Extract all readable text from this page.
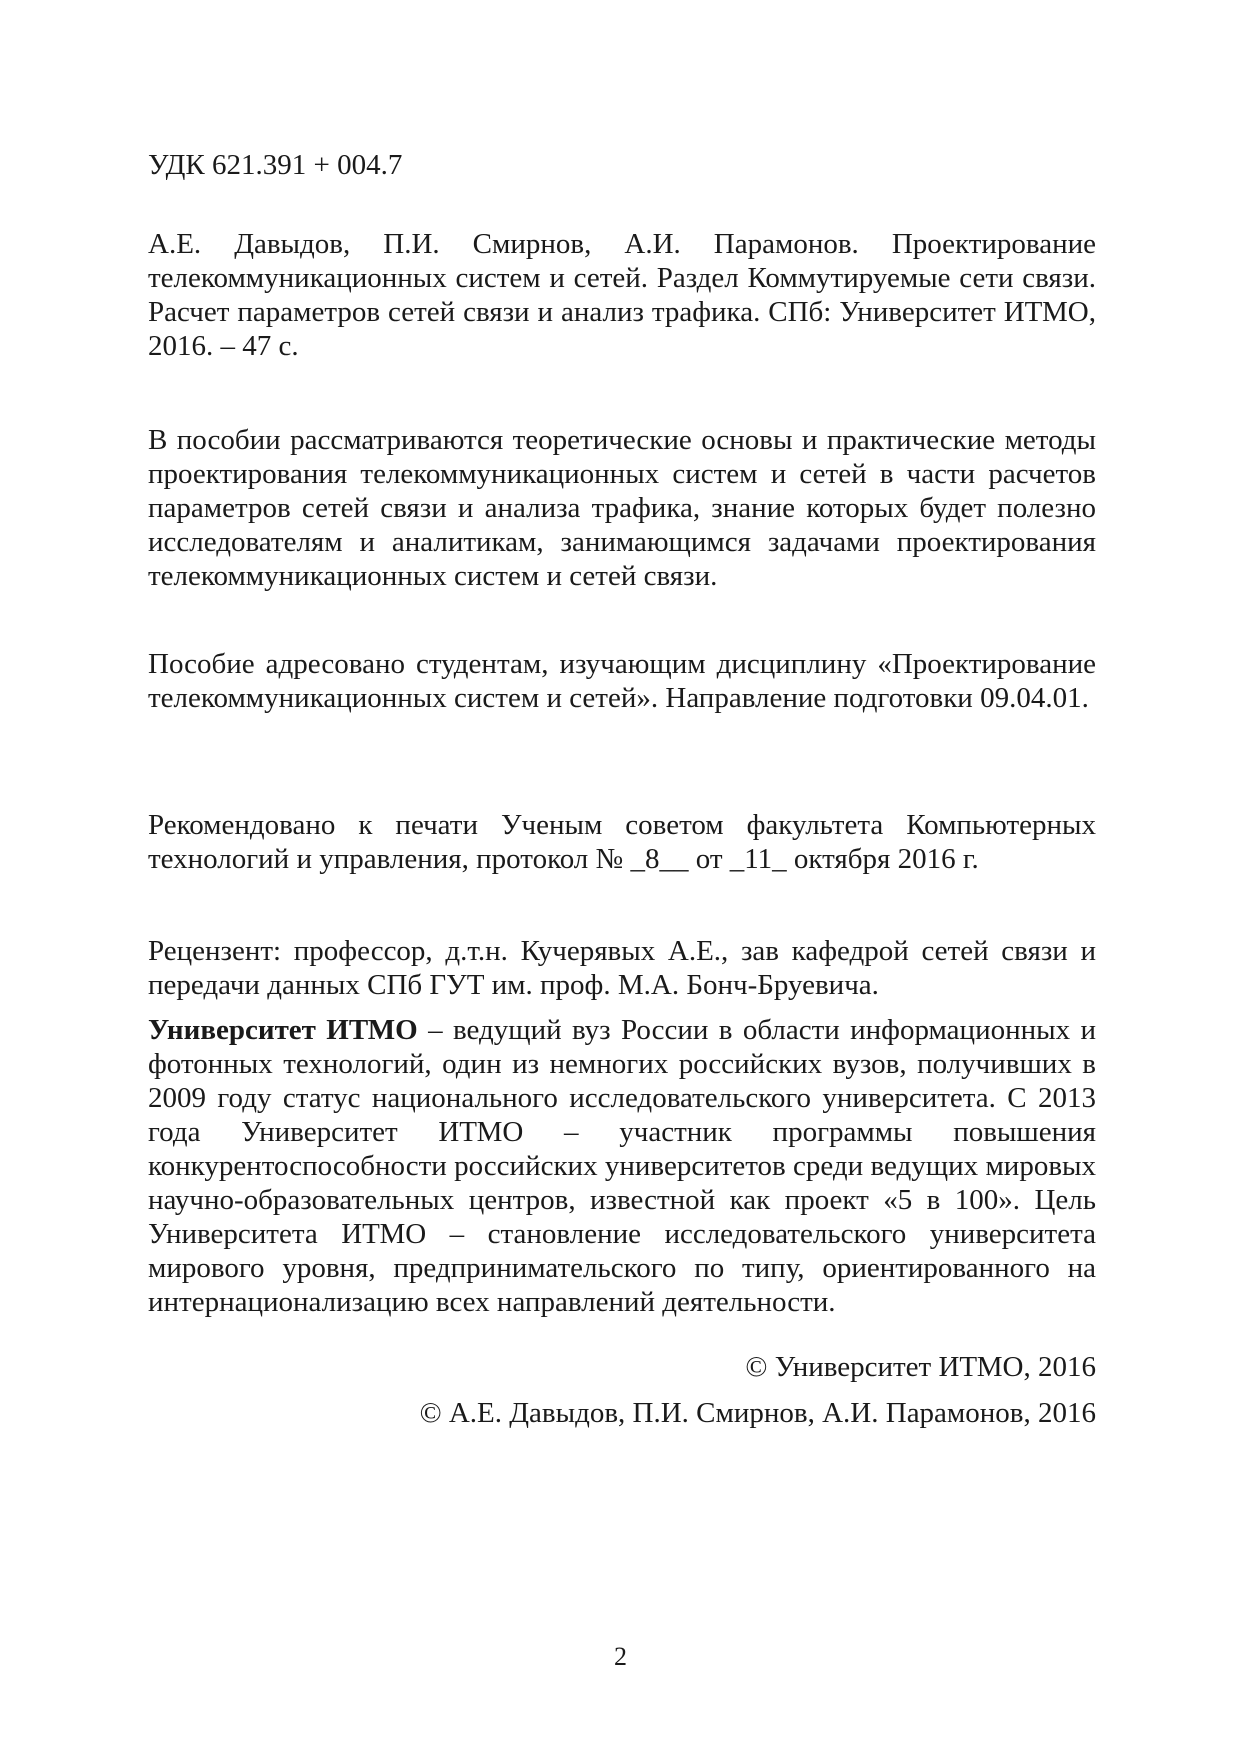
УДК 621.391 + 004.7

А.Е. Давыдов, П.И. Смирнов, А.И. Парамонов. Проектирование телекоммуникационных систем и сетей. Раздел Коммутируемые сети связи. Расчет параметров сетей связи и анализ трафика. СПб: Университет ИТМО, 2016. – 47 с.

В пособии рассматриваются теоретические основы и практические методы проектирования телекоммуникационных систем и сетей в части расчетов параметров сетей связи и анализа трафика, знание которых будет полезно исследователям и аналитикам, занимающимся задачами проектирования телекоммуникационных систем и сетей связи.

Пособие адресовано студентам, изучающим дисциплину «Проектирование телекоммуникационных систем и сетей». Направление подготовки 09.04.01.

Рекомендовано к печати Ученым советом факультета Компьютерных технологий и управления, протокол № _8__ от _11_ октября 2016 г.

Рецензент: профессор, д.т.н. Кучерявых А.Е., зав кафедрой сетей связи и передачи данных СПб ГУТ им. проф. М.А. Бонч-Бруевича.

Университет ИТМО – ведущий вуз России в области информационных и фотонных технологий, один из немногих российских вузов, получивших в 2009 году статус национального исследовательского университета. С 2013 года Университет ИТМО – участник программы повышения конкурентоспособности российских университетов среди ведущих мировых научно-образовательных центров, известной как проект «5 в 100». Цель Университета ИТМО – становление исследовательского университета мирового уровня, предпринимательского по типу, ориентированного на интернационализацию всех направлений деятельности.

© Университет ИТМО, 2016

© А.Е. Давыдов, П.И. Смирнов, А.И. Парамонов, 2016

2
